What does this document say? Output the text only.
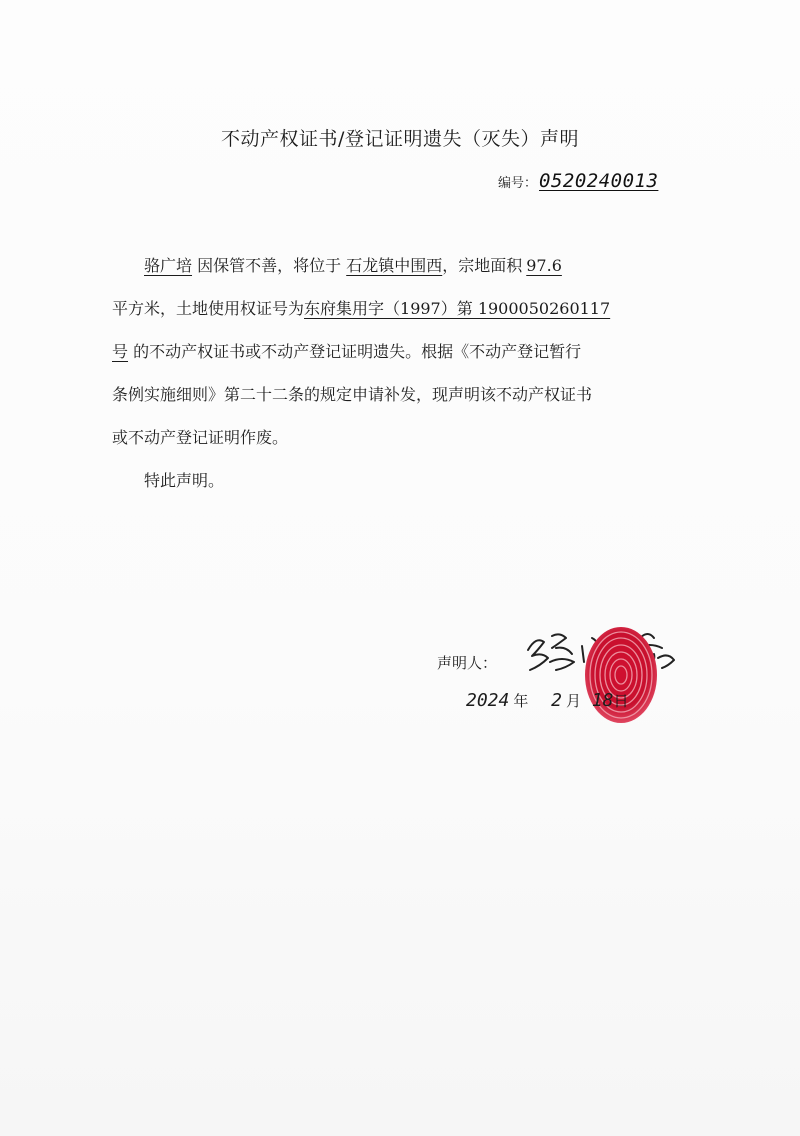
不动产权证书/登记证明遗失（灭失）声明
编号： 052024001З
骆广培 因保管不善，将位于 石龙镇中围西，宗地面积 97.6
平方米，土地使用权证号为东府集用字（1997）第 1900050260117
号 的不动产权证书或不动产登记证明遗失。根据《不动产登记暂行
条例实施细则》第二十二条的规定申请补发，现声明该不动产权证书
或不动产登记证明作废。
特此声明。
声明人：
2024 年 2 月 18日
